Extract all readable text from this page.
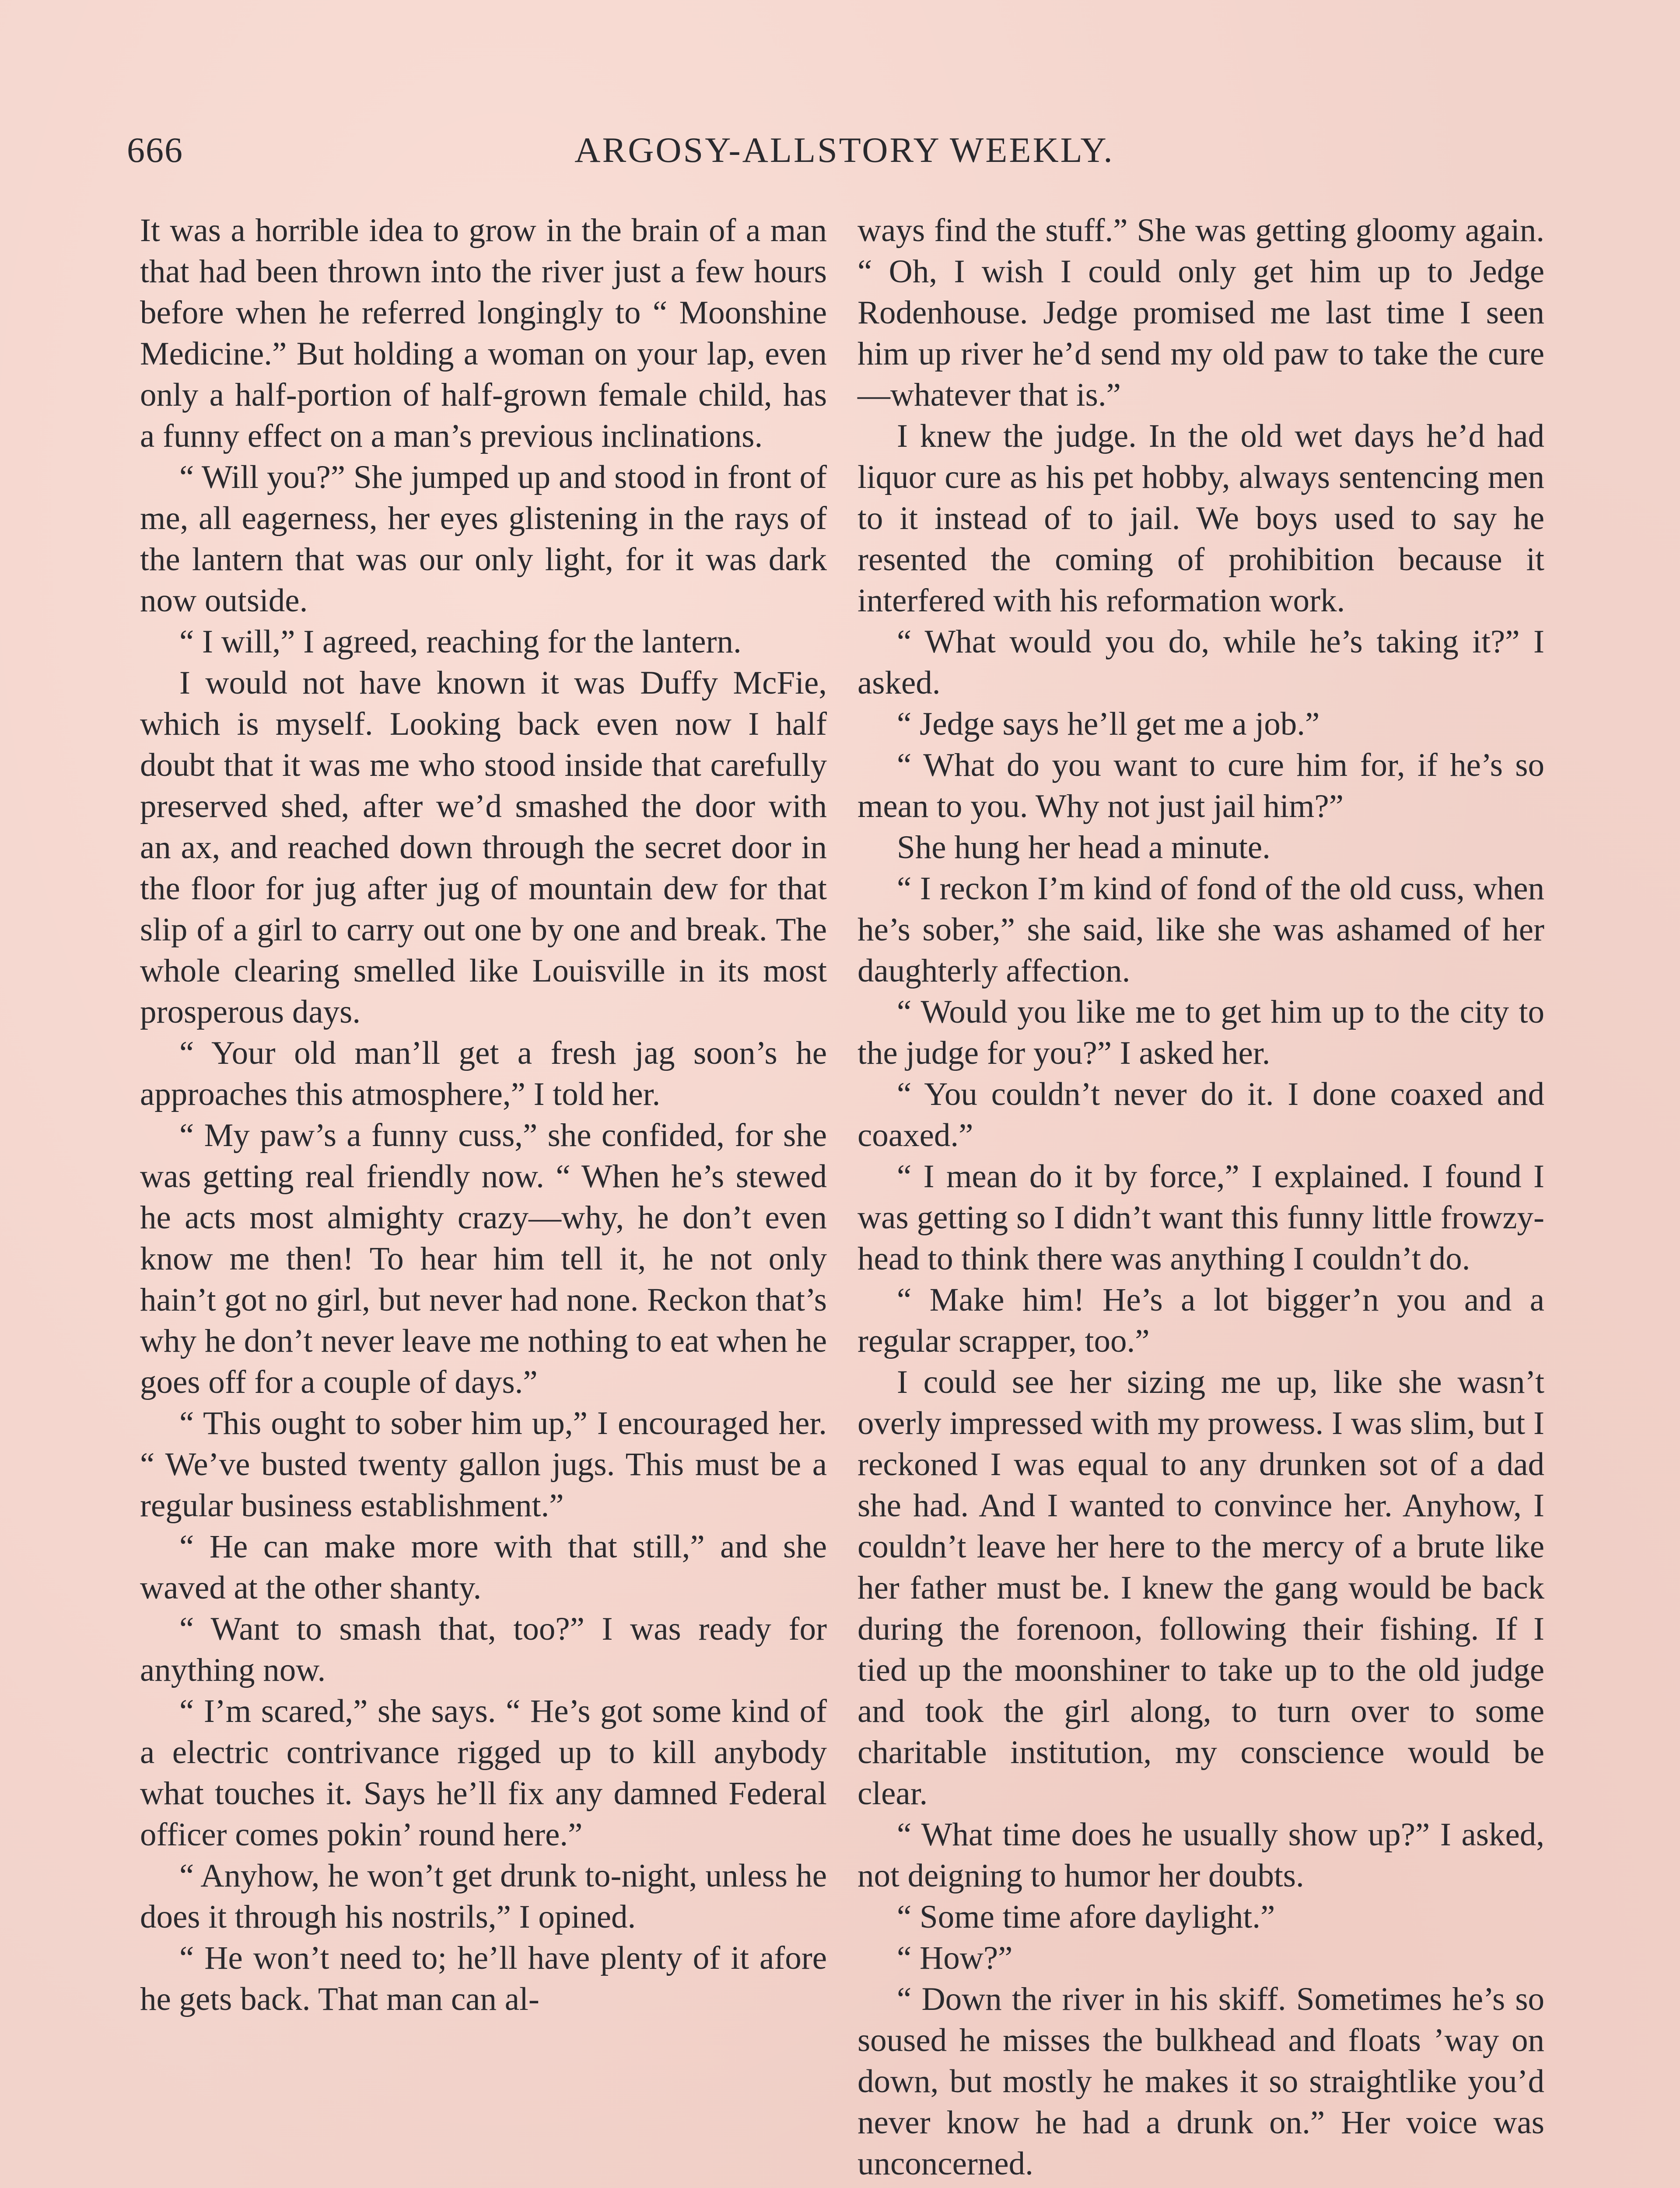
666	ARGOSY-ALLSTORY WEEKLY.

It was a horrible idea to grow in the brain of a man that had been thrown into the river just a few hours before when he referred longingly to “ Moonshine Medicine.” But holding a woman on your lap, even only a half-portion of half-grown female child, has a funny effect on a man’s previous inclinations.

“ Will you?” She jumped up and stood in front of me, all eagerness, her eyes glistening in the rays of the lantern that was our only light, for it was dark now outside.

“ I will,” I agreed, reaching for the lantern.

I would not have known it was Duffy McFie, which is myself. Looking back even now I half doubt that it was me who stood inside that carefully preserved shed, after we’d smashed the door with an ax, and reached down through the secret door in the floor for jug after jug of mountain dew for that slip of a girl to carry out one by one and break. The whole clearing smelled like Louisville in its most prosperous days.

“ Your old man’ll get a fresh jag soon’s he approaches this atmosphere,” I told her.

“ My paw’s a funny cuss,” she confided, for she was getting real friendly now. “ When he’s stewed he acts most almighty crazy—why, he don’t even know me then! To hear him tell it, he not only hain’t got no girl, but never had none. Reckon that’s why he don’t never leave me nothing to eat when he goes off for a couple of days.”

“ This ought to sober him up,” I encouraged her. “ We’ve busted twenty gallon jugs. This must be a regular business establishment.”

“ He can make more with that still,” and she waved at the other shanty.

“ Want to smash that, too?” I was ready for anything now.

“ I’m scared,” she says. “ He’s got some kind of a electric contrivance rigged up to kill anybody what touches it. Says he’ll fix any damned Federal officer comes pokin’ round here.”

“ Anyhow, he won’t get drunk to-night, unless he does it through his nostrils,” I opined.

“ He won’t need to; he’ll have plenty of it afore he gets back. That man can al-

ways find the stuff.” She was getting gloomy again. “ Oh, I wish I could only get him up to Jedge Rodenhouse. Jedge promised me last time I seen him up river he’d send my old paw to take the cure—whatever that is.”

I knew the judge. In the old wet days he’d had liquor cure as his pet hobby, always sentencing men to it instead of to jail. We boys used to say he resented the coming of prohibition because it interfered with his reformation work.

“ What would you do, while he’s taking it?” I asked.

“ Jedge says he’ll get me a job.”

“ What do you want to cure him for, if he’s so mean to you. Why not just jail him?”

She hung her head a minute.

“ I reckon I’m kind of fond of the old cuss, when he’s sober,” she said, like she was ashamed of her daughterly affection.

“ Would you like me to get him up to the city to the judge for you?” I asked her.

“ You couldn’t never do it. I done coaxed and coaxed.”

“ I mean do it by force,” I explained. I found I was getting so I didn’t want this funny little frowzy-head to think there was anything I couldn’t do.

“ Make him! He’s a lot bigger’n you and a regular scrapper, too.”

I could see her sizing me up, like she wasn’t overly impressed with my prowess. I was slim, but I reckoned I was equal to any drunken sot of a dad she had. And I wanted to convince her. Anyhow, I couldn’t leave her here to the mercy of a brute like her father must be. I knew the gang would be back during the forenoon, following their fishing. If I tied up the moonshiner to take up to the old judge and took the girl along, to turn over to some charitable institution, my conscience would be clear.

“ What time does he usually show up?” I asked, not deigning to humor her doubts.

“ Some time afore daylight.”

“ How?”

“ Down the river in his skiff. Sometimes he’s so soused he misses the bulkhead and floats ’way on down, but mostly he makes it so straightlike you’d never know he had a drunk on.” Her voice was unconcerned.
